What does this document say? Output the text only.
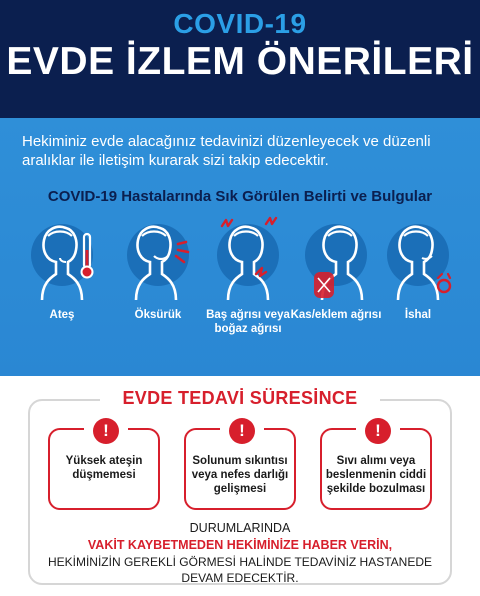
COVID-19
EVDE İZLEM ÖNERİLERİ
Hekiminiz evde alacağınız tedavinizi düzenleyecek ve düzenli aralıklar ile iletişim kurarak sizi takip edecektir.
COVID-19 Hastalarında Sık Görülen Belirti ve Bulgular
Ateş	Öksürük	Baş ağrısı veya boğaz ağrısı
Kas/eklem ağrısı	İshal
EVDE TEDAVİ SÜRESİNCE
!
Yüksek ateşin düşmemesi
!
Solunum sıkıntısı veya nefes darlığı gelişmesi
!
Sıvı alımı veya beslenmenin ciddi şekilde bozulması
DURUMLARINDA
VAKİT KAYBETMEDEN HEKİMİNİZE HABER VERİN,
HEKİMİNİZİN GEREKLİ GÖRMESİ HALİNDE TEDAVİNİZ HASTANEDE
DEVAM EDECEKTİR.
